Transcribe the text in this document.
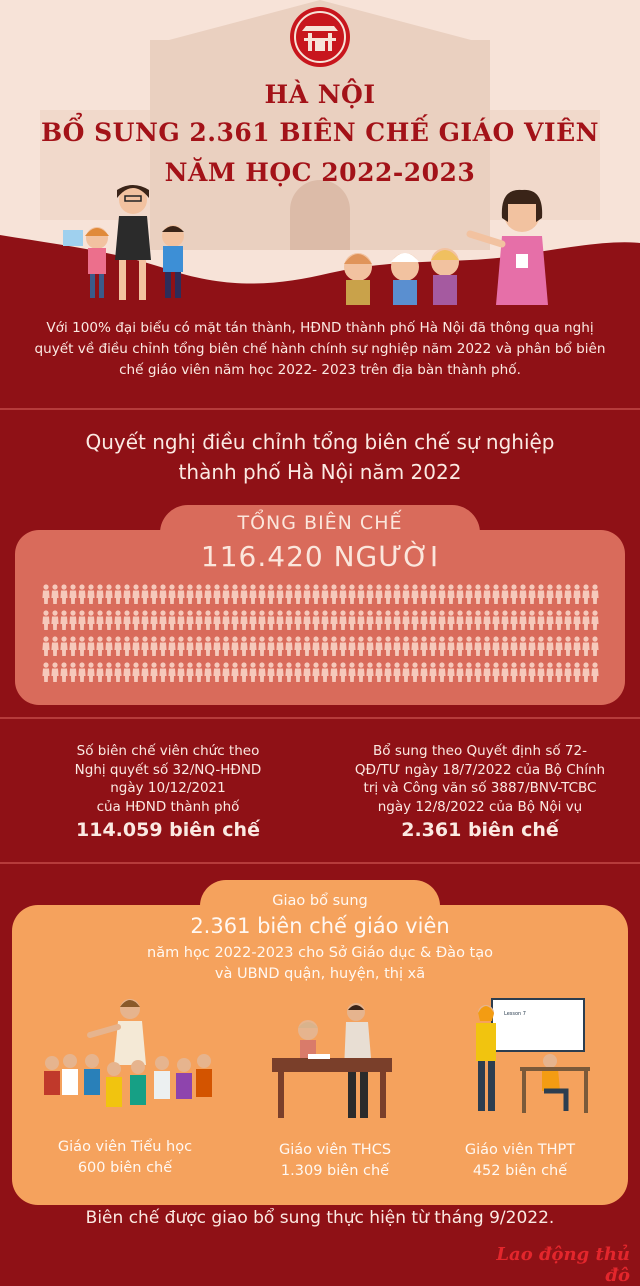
HÀ NỘI
BỔ SUNG 2.361 BIÊN CHẾ GIÁO VIÊN
NĂM HỌC 2022-2023
Với 100% đại biểu có mặt tán thành, HĐND thành phố Hà Nội đã thông qua nghị quyết về điều chỉnh tổng biên chế hành chính sự nghiệp năm 2022 và phân bổ biên chế giáo viên năm học 2022- 2023 trên địa bàn thành phố.
Quyết nghị điều chỉnh tổng biên chế sự nghiệp
thành phố Hà Nội năm 2022
TỔNG BIÊN CHẾ
116.420 NGƯỜI
Số biên chế viên chức theo
Nghị quyết số 32/NQ-HĐND
ngày 10/12/2021
của HĐND thành phố
114.059 biên chế
Bổ sung theo Quyết định số 72-
QĐ/TƯ ngày 18/7/2022 của Bộ Chính
trị và Công văn số 3887/BNV-TCBC
ngày 12/8/2022 của Bộ Nội vụ
2.361 biên chế
Giao bổ sung
2.361 biên chế giáo viên
năm học 2022-2023 cho Sở Giáo dục & Đào tạo
và UBND quận, huyện, thị xã
Lesson 7
Giáo viên Tiểu học
600 biên chế
Giáo viên THCS
1.309 biên chế
Giáo viên THPT
452 biên chế
Biên chế được giao bổ sung thực hiện từ tháng 9/2022.
Lao động thủ đô
